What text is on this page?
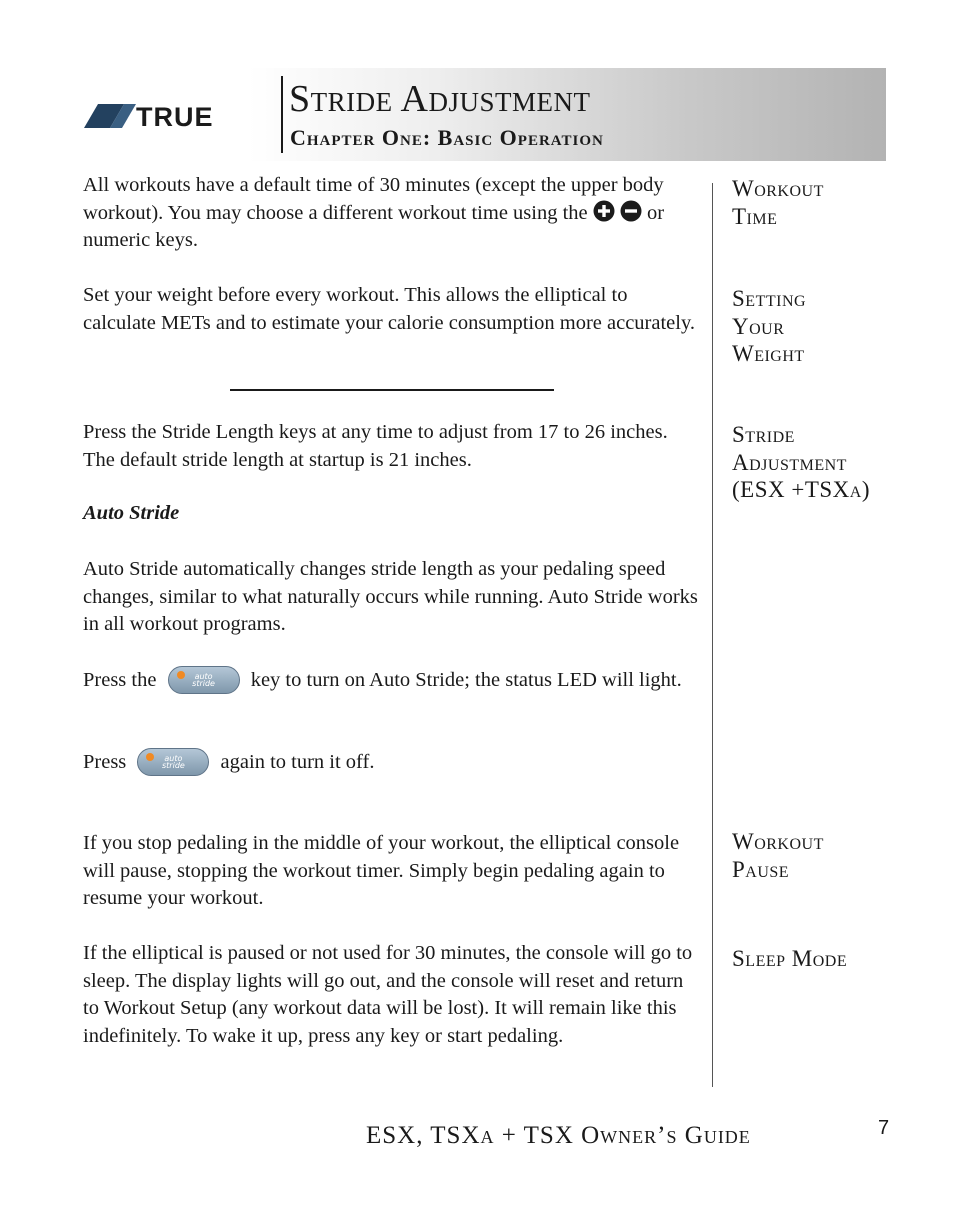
TRUE Stride Adjustment
Chapter One: Basic Operation

All workouts have a default time of 30 minutes (except the upper body workout). You may choose a different workout time using the   or numeric keys.

Workout
Time

Set your weight before every workout. This allows the elliptical to calculate METs and to estimate your calorie consumption more accurately.

Setting
Your
Weight

Press the Stride Length keys at any time to adjust from 17 to 26 inches. The default stride length at startup is 21 inches.

Stride
Adjustment
(ESX +TSXa)

Auto Stride

Auto Stride automatically changes stride length as your pedaling speed changes, similar to what naturally occurs while running. Auto Stride works in all workout programs.

Press the	auto
stride	key to turn on Auto Stride; the status LED will light.

Press	auto
stride	again to turn it off.

If you stop pedaling in the middle of your workout, the elliptical console will pause, stopping the workout timer. Simply begin pedaling again to resume your workout.

Workout
Pause

If the elliptical is paused or not used for 30 minutes, the console will go to sleep. The display lights will go out, and the console will reset and return to Workout Setup (any workout data will be lost). It will remain like this indefinitely. To wake it up, press any key or start pedaling.

Sleep Mode

ESX, TSXa + TSX Owner’s Guide	7
